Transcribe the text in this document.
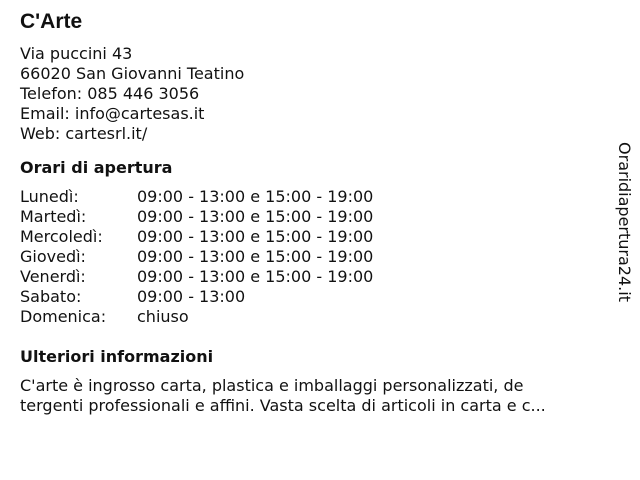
C'Arte
Via puccini 43
66020 San Giovanni Teatino
Telefon: 085 446 3056
Email: info@cartesas.it
Web: cartesrl.it/
Orari di apertura
Lunedì:	09:00 - 13:00 e 15:00 - 19:00
Martedì:	09:00 - 13:00 e 15:00 - 19:00
Mercoledì:	09:00 - 13:00 e 15:00 - 19:00
Giovedì:	09:00 - 13:00 e 15:00 - 19:00
Venerdì:	09:00 - 13:00 e 15:00 - 19:00
Sabato:	09:00 - 13:00
Domenica:	chiuso
Ulteriori informazioni

C'arte è ingrosso carta, plastica e imballaggi personalizzati, de
tergenti professionali e affini. Vasta scelta di articoli in carta e c...

Oraridiapertura24.it
